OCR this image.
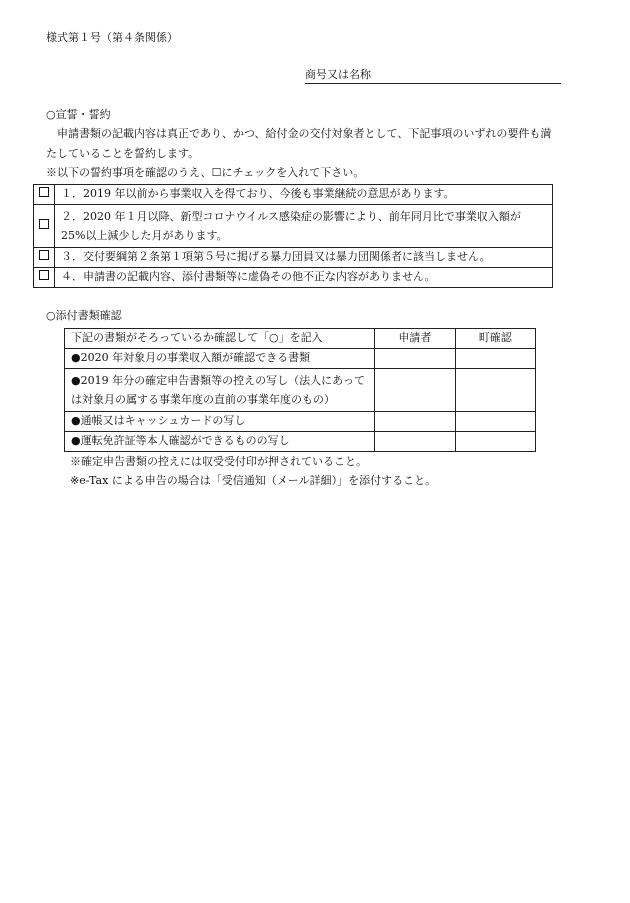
様式第１号（第４条関係）
商号又は名称
○宣誓・誓約
　申請書類の記載内容は真正であり、かつ、給付金の交付対象者として、下記事項のいずれの要件も満
たしていることを誓約します。
※以下の誓約事項を確認のうえ、☐にチェックを入れて下さい。
	１．2019 年以前から事業収入を得ており、今後も事業継続の意思があります。
	２．2020 年１月以降、新型コロナウイルス感染症の影響により、前年同月比で事業収入額が 25%以上減少した月があります。
	３．交付要綱第２条第１項第５号に掲げる暴力団員又は暴力団関係者に該当しません。
	４．申請書の記載内容、添付書類等に虚偽その他不正な内容がありません。
○添付書類確認
下記の書類がそろっているか確認して「○」を記入	申請者	町確認
●2020 年対象月の事業収入額が確認できる書類		
●2019 年分の確定申告書類等の控えの写し（法人にあっては対象月の属する事業年度の直前の事業年度のもの）		
●通帳又はキャッシュカードの写し		
●運転免許証等本人確認ができるものの写し		
※確定申告書類の控えには収受受付印が押されていること。
※e-Tax による申告の場合は「受信通知（メール詳細）」を添付すること。
